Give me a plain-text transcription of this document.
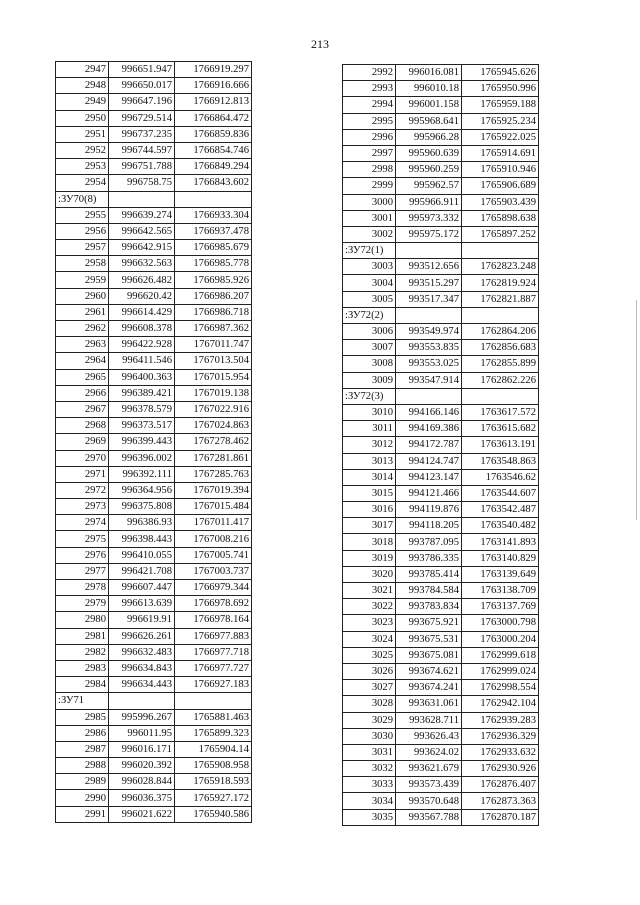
213
2947	996651.947	1766919.297
2948	996650.017	1766916.666
2949	996647.196	1766912.813
2950	996729.514	1766864.472
2951	996737.235	1766859.836
2952	996744.597	1766854.746
2953	996751.788	1766849.294
2954	996758.75	1766843.602
:ЗУ70(8)		
2955	996639.274	1766933.304
2956	996642.565	1766937.478
2957	996642.915	1766985.679
2958	996632.563	1766985.778
2959	996626.482	1766985.926
2960	996620.42	1766986.207
2961	996614.429	1766986.718
2962	996608.378	1766987.362
2963	996422.928	1767011.747
2964	996411.546	1767013.504
2965	996400.363	1767015.954
2966	996389.421	1767019.138
2967	996378.579	1767022.916
2968	996373.517	1767024.863
2969	996399.443	1767278.462
2970	996396.002	1767281.861
2971	996392.111	1767285.763
2972	996364.956	1767019.394
2973	996375.808	1767015.484
2974	996386.93	1767011.417
2975	996398.443	1767008.216
2976	996410.055	1767005.741
2977	996421.708	1767003.737
2978	996607.447	1766979.344
2979	996613.639	1766978.692
2980	996619.91	1766978.164
2981	996626.261	1766977.883
2982	996632.483	1766977.718
2983	996634.843	1766977.727
2984	996634.443	1766927.183
:ЗУ71		
2985	995996.267	1765881.463
2986	996011.95	1765899.323
2987	996016.171	1765904.14
2988	996020.392	1765908.958
2989	996028.844	1765918.593
2990	996036.375	1765927.172
2991	996021.622	1765940.586
2992	996016.081	1765945.626
2993	996010.18	1765950.996
2994	996001.158	1765959.188
2995	995968.641	1765925.234
2996	995966.28	1765922.025
2997	995960.639	1765914.691
2998	995960.259	1765910.946
2999	995962.57	1765906.689
3000	995966.911	1765903.439
3001	995973.332	1765898.638
3002	995975.172	1765897.252
:ЗУ72(1)		
3003	993512.656	1762823.248
3004	993515.297	1762819.924
3005	993517.347	1762821.887
:ЗУ72(2)		
3006	993549.974	1762864.206
3007	993553.835	1762856.683
3008	993553.025	1762855.899
3009	993547.914	1762862.226
:ЗУ72(3)		
3010	994166.146	1763617.572
3011	994169.386	1763615.682
3012	994172.787	1763613.191
3013	994124.747	1763548.863
3014	994123.147	1763546.62
3015	994121.466	1763544.607
3016	994119.876	1763542.487
3017	994118.205	1763540.482
3018	993787.095	1763141.893
3019	993786.335	1763140.829
3020	993785.414	1763139.649
3021	993784.584	1763138.709
3022	993783.834	1763137.769
3023	993675.921	1763000.798
3024	993675.531	1763000.204
3025	993675.081	1762999.618
3026	993674.621	1762999.024
3027	993674.241	1762998.554
3028	993631.061	1762942.104
3029	993628.711	1762939.283
3030	993626.43	1762936.329
3031	993624.02	1762933.632
3032	993621.679	1762930.926
3033	993573.439	1762876.407
3034	993570.648	1762873.363
3035	993567.788	1762870.187
